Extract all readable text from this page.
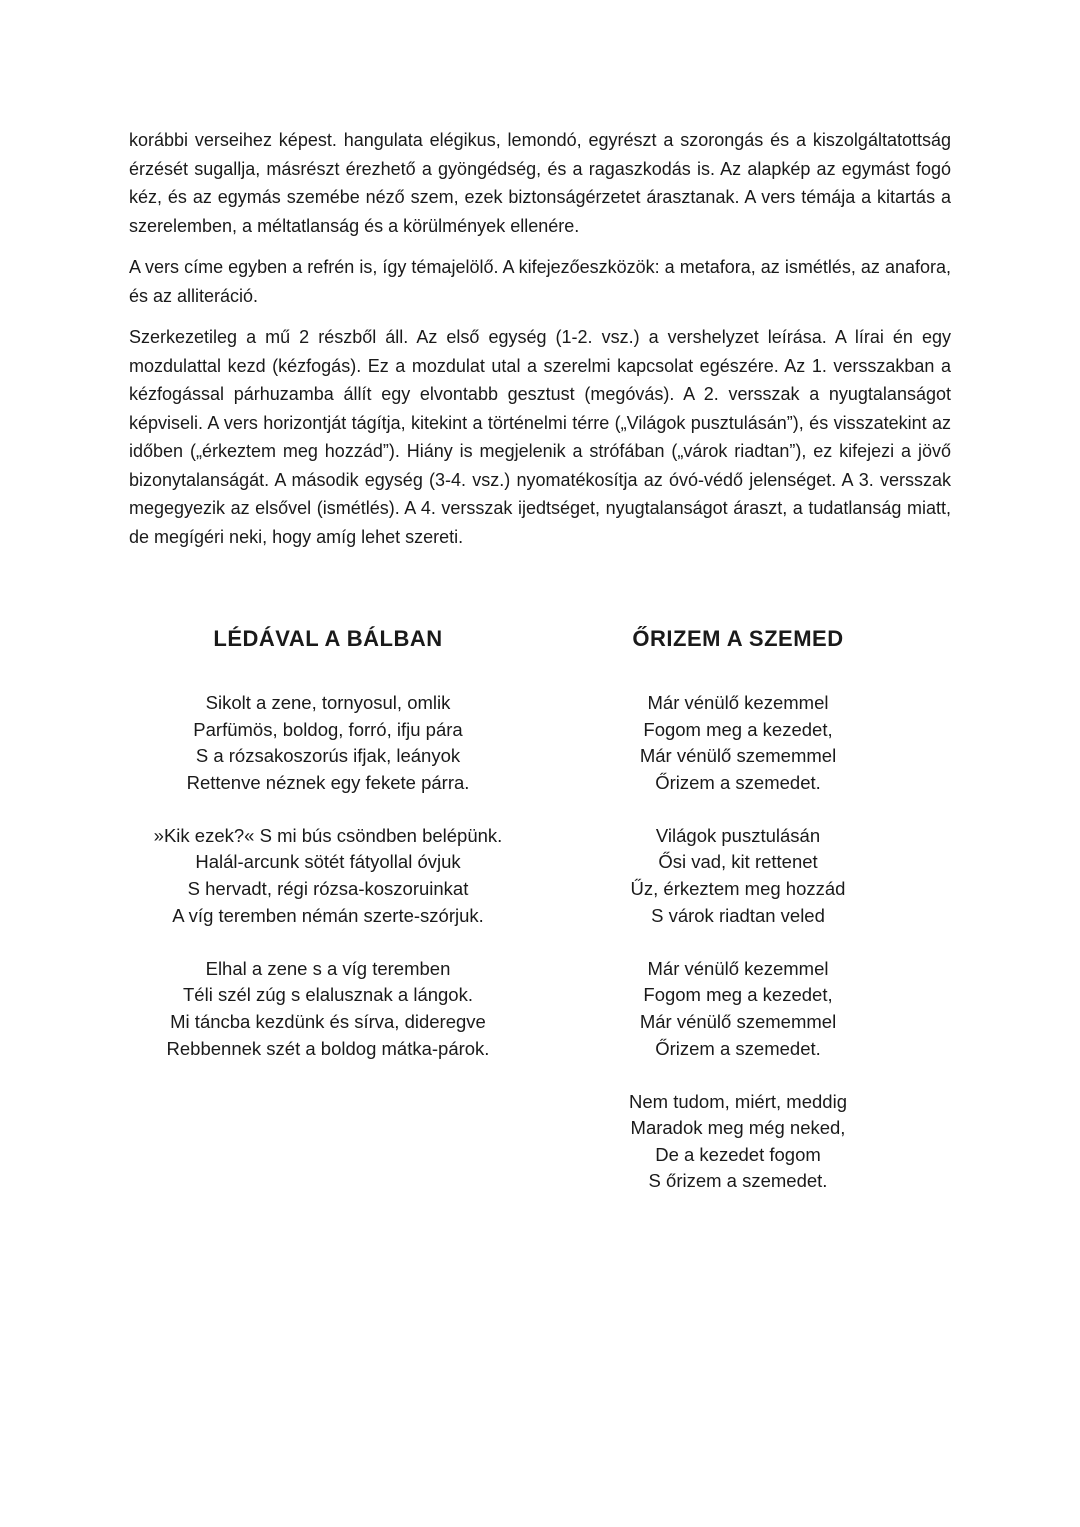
korábbi verseihez képest. hangulata elégikus, lemondó, egyrészt a szorongás és a kiszolgáltatottság érzését sugallja, másrészt érezhető a gyöngédség, és a ragaszkodás is. Az alapkép az egymást fogó kéz, és az egymás szemébe néző szem, ezek biztonságérzetet árasztanak. A vers témája a kitartás a szerelemben, a méltatlanság és a körülmények ellenére.

A vers címe egyben a refrén is, így témajelölő. A kifejezőeszközök: a metafora, az ismétlés, az anafora, és az alliteráció.

Szerkezetileg a mű 2 részből áll. Az első egység (1-2. vsz.) a vershelyzet leírása. A lírai én egy mozdulattal kezd (kézfogás). Ez a mozdulat utal a szerelmi kapcsolat egészére. Az 1. versszakban a kézfogással párhuzamba állít egy elvontabb gesztust (megóvás). A 2. versszak a nyugtalanságot képviseli. A vers horizontját tágítja, kitekint a történelmi térre („Világok pusztulásán”), és visszatekint az időben („érkeztem meg hozzád”). Hiány is megjelenik a strófában („várok riadtan”), ez kifejezi a jövő bizonytalanságát. A második egység (3-4. vsz.) nyomatékosítja az óvó-védő jelenséget. A 3. versszak megegyezik az elsővel (ismétlés). A 4. versszak ijedtséget, nyugtalanságot áraszt, a tudatlanság miatt, de megígéri neki, hogy amíg lehet szereti.

LÉDÁVAL A BÁLBAN
Sikolt a zene, tornyosul, omlik
Parfümös, boldog, forró, ifju pára
S a rózsakoszorús ifjak, leányok
Rettenve néznek egy fekete párra.
»Kik ezek?« S mi bús csöndben belépünk.
Halál-arcunk sötét fátyollal óvjuk
S hervadt, régi rózsa-koszoruinkat
A víg teremben némán szerte-szórjuk.
Elhal a zene s a víg teremben
Téli szél zúg s elalusznak a lángok.
Mi táncba kezdünk és sírva, dideregve
Rebbennek szét a boldog mátka-párok.
ŐRIZEM A SZEMED
Már vénülő kezemmel
Fogom meg a kezedet,
Már vénülő szememmel
Őrizem a szemedet.
Világok pusztulásán
Ősi vad, kit rettenet
Űz, érkeztem meg hozzád
S várok riadtan veled
Már vénülő kezemmel
Fogom meg a kezedet,
Már vénülő szememmel
Őrizem a szemedet.
Nem tudom, miért, meddig
Maradok meg még neked,
De a kezedet fogom
S őrizem a szemedet.
